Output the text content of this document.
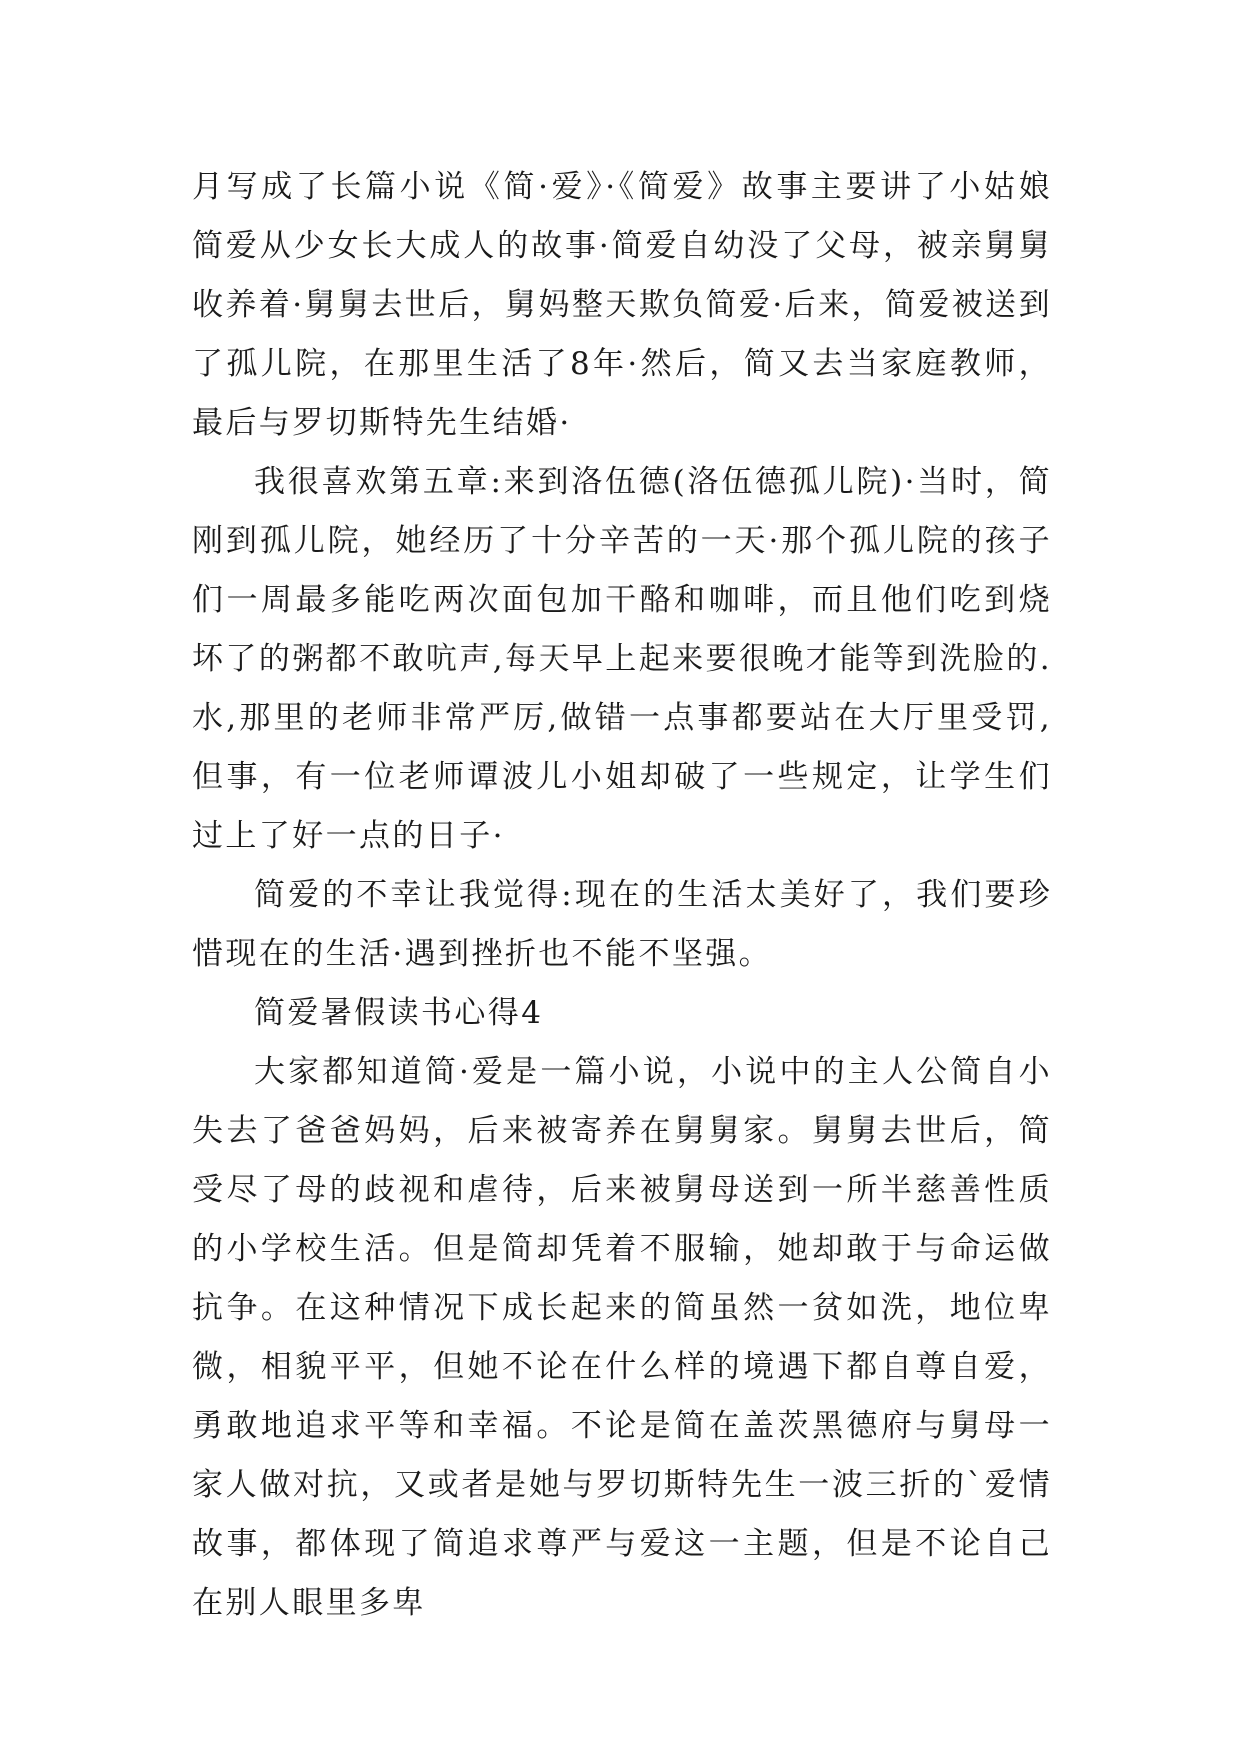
月写成了长篇小说《简·爱》·《简爱》故事主要讲了小姑娘简爱从少女长大成人的故事·简爱自幼没了父母，被亲舅舅收养着·舅舅去世后，舅妈整天欺负简爱·后来，简爱被送到了孤儿院，在那里生活了8年·然后，简又去当家庭教师，最后与罗切斯特先生结婚·

我很喜欢第五章:来到洛伍德(洛伍德孤儿院)·当时，简刚到孤儿院，她经历了十分辛苦的一天·那个孤儿院的孩子们一周最多能吃两次面包加干酪和咖啡，而且他们吃到烧坏了的粥都不敢吭声,每天早上起来要很晚才能等到洗脸的.水,那里的老师非常严厉,做错一点事都要站在大厅里受罚,但事，有一位老师谭波儿小姐却破了一些规定，让学生们过上了好一点的日子·

简爱的不幸让我觉得:现在的生活太美好了，我们要珍惜现在的生活·遇到挫折也不能不坚强。

简爱暑假读书心得4

大家都知道简·爱是一篇小说，小说中的主人公简自小失去了爸爸妈妈，后来被寄养在舅舅家。舅舅去世后，简受尽了母的歧视和虐待，后来被舅母送到一所半慈善性质的小学校生活。但是简却凭着不服输，她却敢于与命运做抗争。在这种情况下成长起来的简虽然一贫如洗，地位卑微，相貌平平，但她不论在什么样的境遇下都自尊自爱，勇敢地追求平等和幸福。不论是简在盖茨黑德府与舅母一家人做对抗，又或者是她与罗切斯特先生一波三折的`爱情故事，都体现了简追求尊严与爱这一主题，但是不论自己在别人眼里多卑
